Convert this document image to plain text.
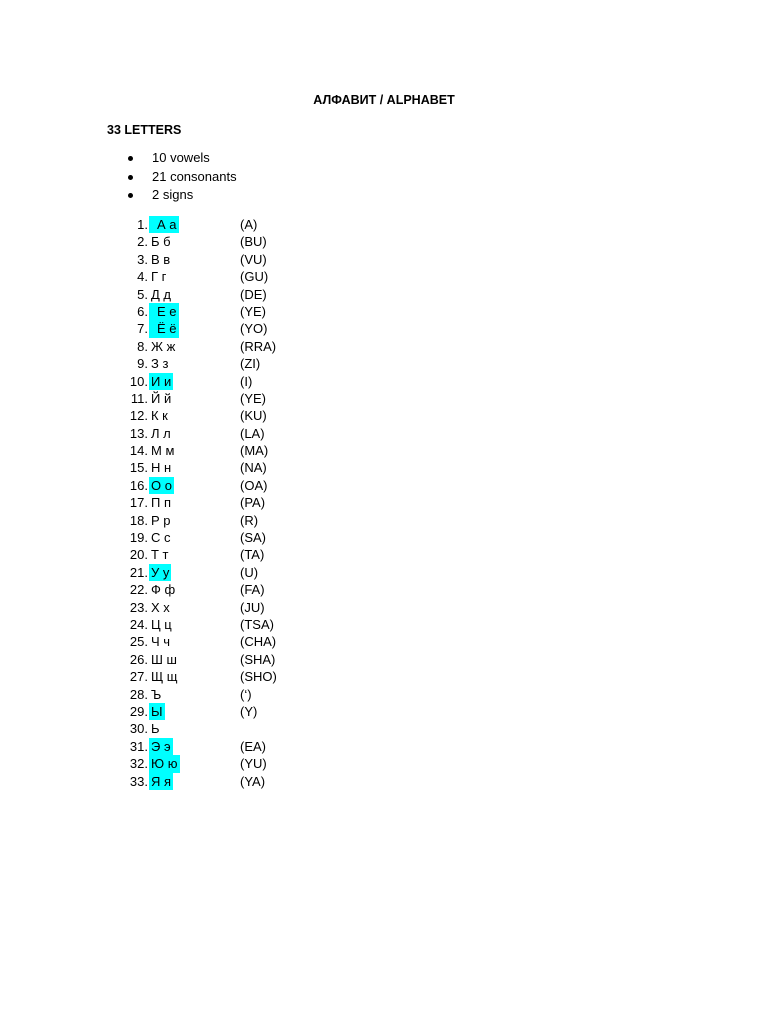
АЛФАВИТ / ALPHABET
33 LETTERS
10 vowels
21 consonants
2 signs
1. А а	(A)
2. Б б	(BU)
3. В в	(VU)
4. Г г	(GU)
5. Д д	(DE)
6. Е е	(YE)
7. Ё ё	(YO)
8. Ж ж	(RRA)
9. З з	(ZI)
10. И и	(I)
11. Й й	(YE)
12. К к	(KU)
13. Л л	(LA)
14. М м	(MA)
15. Н н	(NA)
16. О о	(OA)
17. П п	(PA)
18. Р р	(R)
19. С с	(SA)
20. Т т	(TA)
21. У у	(U)
22. Ф ф	(FA)
23. Х х	(JU)
24. Ц ц	(TSA)
25. Ч ч	(CHA)
26. Ш ш	(SHA)
27. Щ щ	(SHO)
28. Ъ	(‘)
29. Ы	(Y)
30. Ь
31. Э э	(EA)
32. Ю ю	(YU)
33. Я я	(YA)
